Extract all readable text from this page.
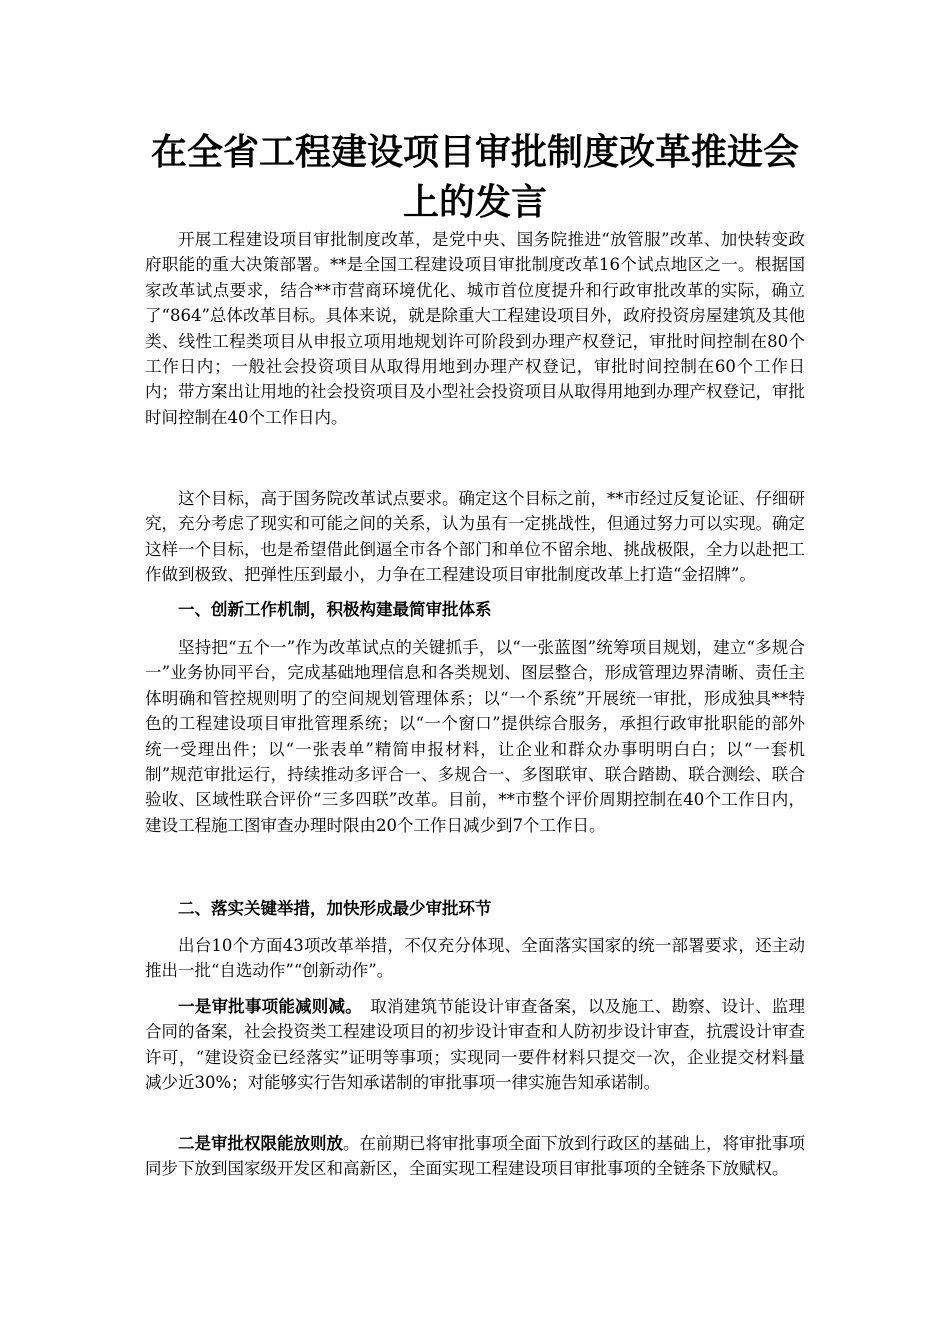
在全省工程建设项目审批制度改革推进会
上的发言

开展工程建设项目审批制度改革，是党中央、国务院推进“放管服”改革、加快转变政府职能的重大决策部署。**是全国工程建设项目审批制度改革16个试点地区之一。根据国家改革试点要求，结合**市营商环境优化、城市首位度提升和行政审批改革的实际，确立了“864”总体改革目标。具体来说，就是除重大工程建设项目外，政府投资房屋建筑及其他类、线性工程类项目从申报立项用地规划许可阶段到办理产权登记，审批时间控制在80个工作日内；一般社会投资项目从取得用地到办理产权登记，审批时间控制在60个工作日内；带方案出让用地的社会投资项目及小型社会投资项目从取得用地到办理产权登记，审批时间控制在40个工作日内。

这个目标，高于国务院改革试点要求。确定这个目标之前，**市经过反复论证、仔细研究，充分考虑了现实和可能之间的关系，认为虽有一定挑战性，但通过努力可以实现。确定这样一个目标，也是希望借此倒逼全市各个部门和单位不留余地、挑战极限，全力以赴把工作做到极致、把弹性压到最小，力争在工程建设项目审批制度改革上打造“金招牌”。

一、创新工作机制，积极构建最简审批体系

坚持把“五个一”作为改革试点的关键抓手，以“一张蓝图”统筹项目规划，建立“多规合一”业务协同平台，完成基础地理信息和各类规划、图层整合，形成管理边界清晰、责任主体明确和管控规则明了的空间规划管理体系；以“一个系统”开展统一审批，形成独具**特色的工程建设项目审批管理系统；以“一个窗口”提供综合服务，承担行政审批职能的部外统一受理出件；以“一张表单”精简申报材料，让企业和群众办事明明白白；以“一套机制”规范审批运行，持续推动多评合一、多规合一、多图联审、联合踏勘、联合测绘、联合验收、区域性联合评价“三多四联”改革。目前，**市整个评价周期控制在40个工作日内，建设工程施工图审查办理时限由20个工作日减少到7个工作日。

二、落实关键举措，加快形成最少审批环节

出台10个方面43项改革举措，不仅充分体现、全面落实国家的统一部署要求，还主动推出一批“自选动作”“创新动作”。

一是审批事项能减则减。　取消建筑节能设计审查备案，以及施工、勘察、设计、监理合同的备案，社会投资类工程建设项目的初步设计审查和人防初步设计审查，抗震设计审查许可，“建设资金已经落实”证明等事项；实现同一要件材料只提交一次，企业提交材料量减少近30%；对能够实行告知承诺制的审批事项一律实施告知承诺制。

二是审批权限能放则放。在前期已将审批事项全面下放到行政区的基础上，将审批事项同步下放到国家级开发区和高新区，全面实现工程建设项目审批事项的全链条下放赋权。
